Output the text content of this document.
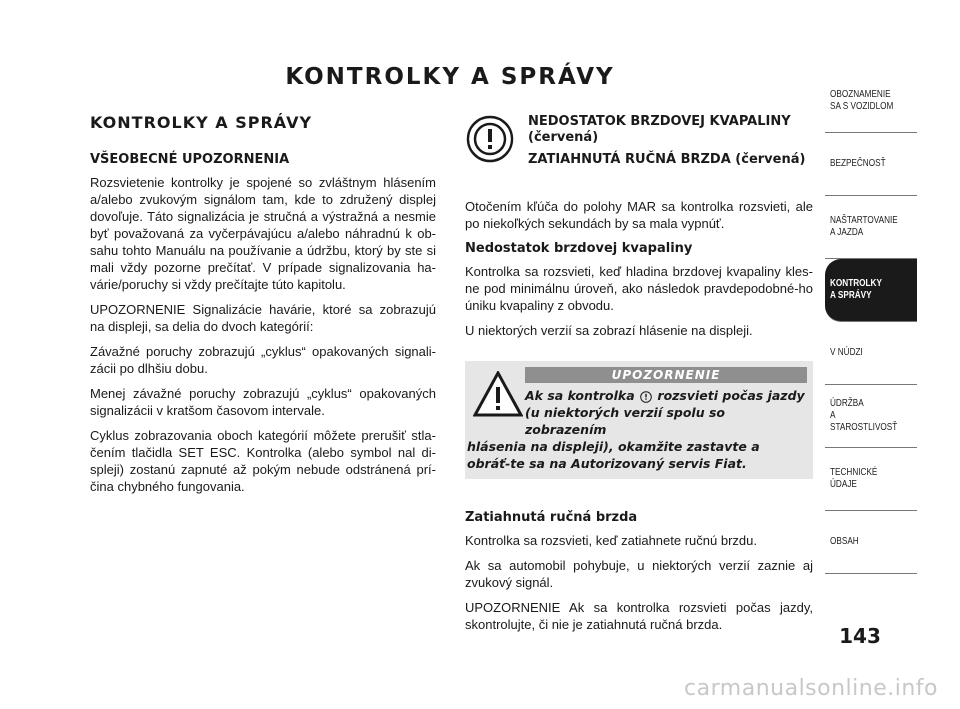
KONTROLKY A SPRÁVY
KONTROLKY A SPRÁVY
VŠEOBECNÉ UPOZORNENIA

Rozsvietenie kontrolky je spojené so zvláštnym hlásením a/alebo zvukovým signálom tam, kde to združený displej dovoľuje. Táto signalizácia je stručná a výstražná a nesmie byť považovaná za vyčerpávajúcu a/alebo náhradnú k ob-sahu tohto Manuálu na používanie a údržbu, ktorý by ste si mali vždy pozorne prečítať. V prípade signalizovania ha-várie/poruchy si vždy prečítajte túto kapitolu.

UPOZORNENIE Signalizácie havárie, ktoré sa zobrazujú na displeji, sa delia do dvoch kategórií:

Závažné poruchy zobrazujú „cyklus“ opakovaných signali-zácii po dlhšiu dobu.

Menej závažné poruchy zobrazujú „cyklus“ opakovaných signalizácii v kratšom časovom intervale.

Cyklus zobrazovania oboch kategórií môžete prerušiť stla-čením tlačidla SET ESC. Kontrolka (alebo symbol nal di-spleji) zostanú zapnuté až pokým nebude odstránená prí-čina chybného fungovania.

NEDOSTATOK BRZDOVEJ KVAPALINY (červená)
ZATIAHNUTÁ RUČNÁ BRZDA (červená)

Otočením kľúča do polohy MAR sa kontrolka rozsvieti, ale po niekoľkých sekundách by sa mala vypnúť.

Nedostatok brzdovej kvapaliny

Kontrolka sa rozsvieti, keď hladina brzdovej kvapaliny kles-ne pod minimálnu úroveň, ako následok pravdepodobné-ho úniku kvapaliny z obvodu.

U niektorých verzií sa zobrazí hlásenie na displeji.

UPOZORNENIE
Ak sa kontrolka rozsvieti počas jazdy
(u niektorých verzií spolu so zobrazením
hlásenia na displeji), okamžite zastavte a obráť-te sa na Autorizovaný servis Fiat.
Zatiahnutá ručná brzda

Kontrolka sa rozsvieti, keď zatiahnete ručnú brzdu.

Ak sa automobil pohybuje, u niektorých verzií zaznie aj zvukový signál.

UPOZORNENIE Ak sa kontrolka rozsvieti počas jazdy, skontrolujte, či nie je zatiahnutá ručná brzda.

OBOZNAMENIE
SA S VOZIDLOM
BEZPEČNOSŤ
NAŠTARTOVANIE
A JAZDA
KONTROLKY
A SPRÁVY
V NÚDZI
ÚDRŽBA
A STAROSTLIVOSŤ
TECHNICKÉ
ÚDAJE
OBSAH
143
carmanualsonline.info
